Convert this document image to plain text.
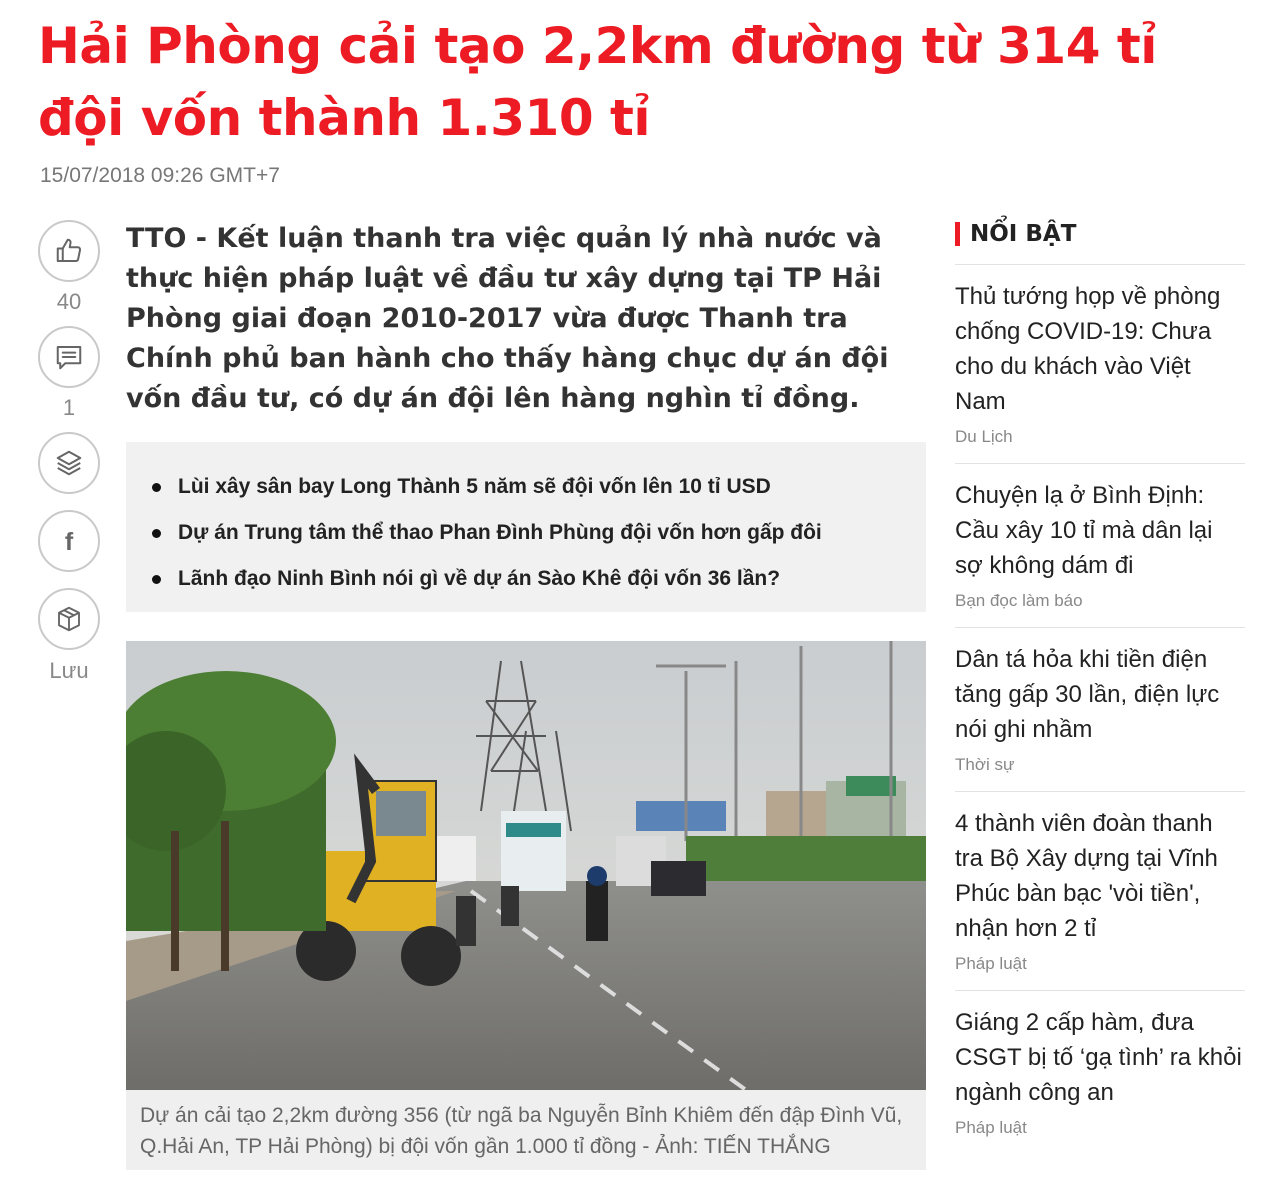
Hải Phòng cải tạo 2,2km đường từ 314 tỉ đội vốn thành 1.310 tỉ
15/07/2018 09:26 GMT+7
40
1
f
Lưu

TTO - Kết luận thanh tra việc quản lý nhà nước và thực hiện pháp luật về đầu tư xây dựng tại TP Hải Phòng giai đoạn 2010-2017 vừa được Thanh tra Chính phủ ban hành cho thấy hàng chục dự án đội vốn đầu tư, có dự án đội lên hàng nghìn tỉ đồng.

Lùi xây sân bay Long Thành 5 năm sẽ đội vốn lên 10 tỉ USD
Dự án Trung tâm thể thao Phan Đình Phùng đội vốn hơn gấp đôi
Lãnh đạo Ninh Bình nói gì về dự án Sào Khê đội vốn 36 lần?
Dự án cải tạo 2,2km đường 356 (từ ngã ba Nguyễn Bỉnh Khiêm đến đập Đình Vũ, Q.Hải An, TP Hải Phòng) bị đội vốn gần 1.000 tỉ đồng - Ảnh: TIẾN THẮNG
NỔI BẬT
Thủ tướng họp về phòng chống COVID-19: Chưa cho du khách vào Việt Nam
Du Lịch
Chuyện lạ ở Bình Định: Cầu xây 10 tỉ mà dân lại sợ không dám đi
Bạn đọc làm báo
Dân tá hỏa khi tiền điện tăng gấp 30 lần, điện lực nói ghi nhầm
Thời sự
4 thành viên đoàn thanh tra Bộ Xây dựng tại Vĩnh Phúc bàn bạc 'vòi tiền', nhận hơn 2 tỉ
Pháp luật
Giáng 2 cấp hàm, đưa CSGT bị tố ‘gạ tình’ ra khỏi ngành công an
Pháp luật
